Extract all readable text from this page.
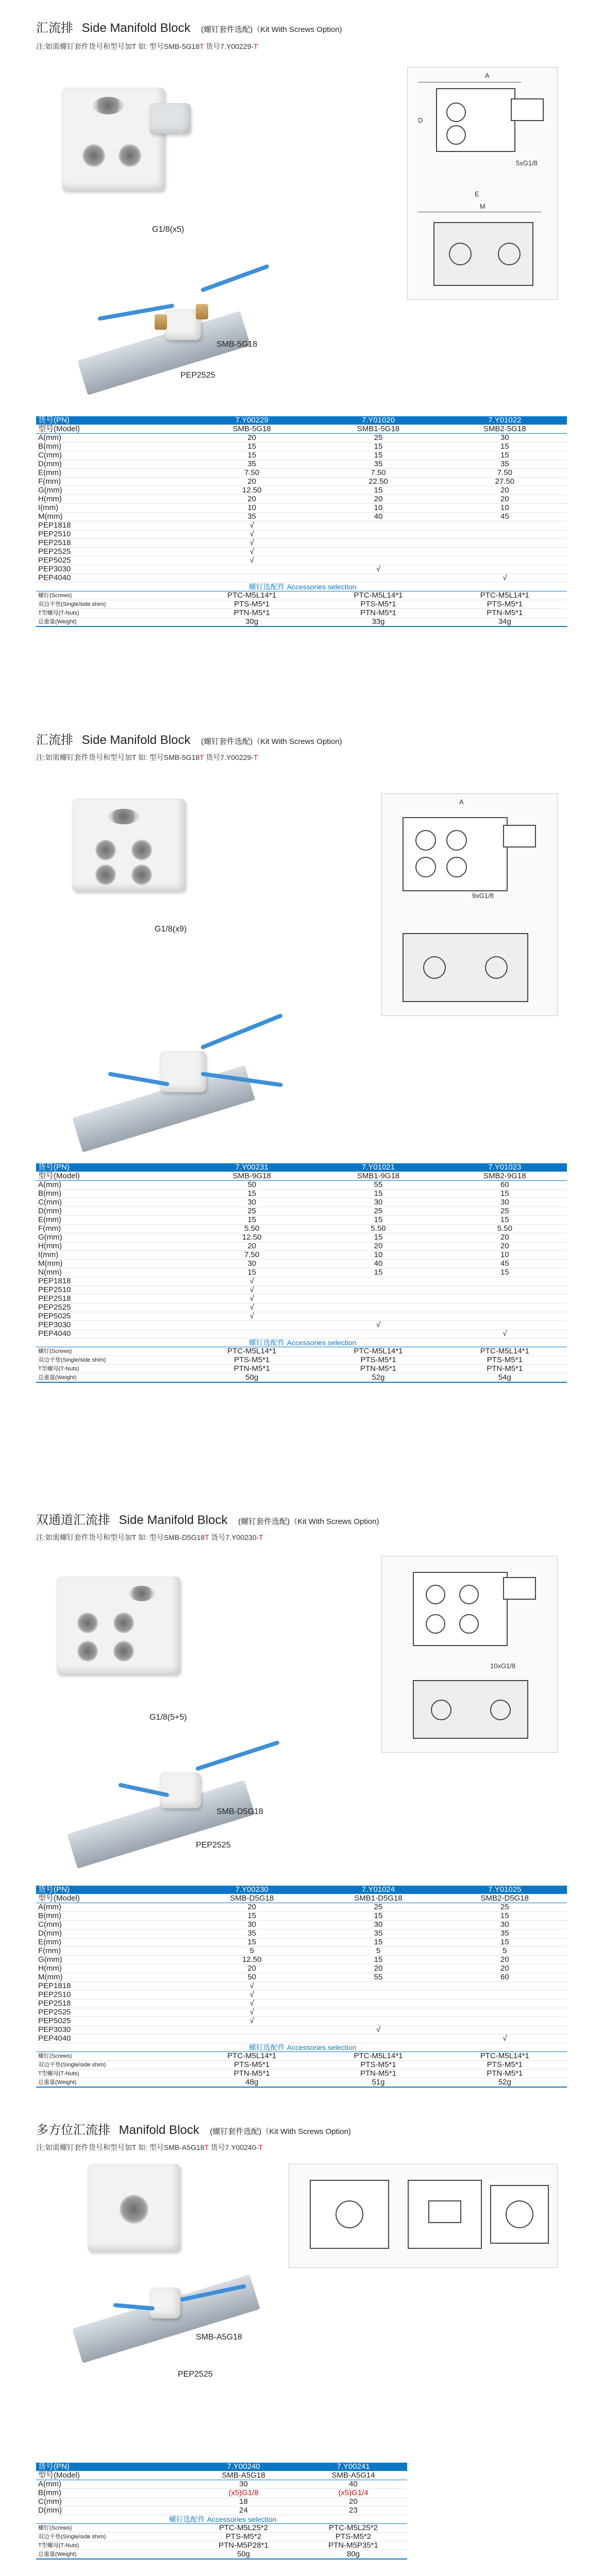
汇流排 Side Manifold Block (螺钉套件选配)（Kit With Screws Option)
注:如需螺钉套件货号和型号加T 如: 型号SMB-5G18T 货号7.Y00229-T
G1/8(x5)
A
D
5xG1/8
E
M
SMB-5G18
PEP2525
货号(PN)	7.Y00229	7.Y01020	7.Y01022
型号(Model)	SMB-5G18	SMB1-5G18	SMB2-5G18
A(mm)	20	25	30
B(mm)	15	15	15
C(mm)	15	15	15
D(mm)	35	35	35
E(mm)	7.50	7.50	7.50
F(mm)	20	22.50	27.50
G(mm)	12.50	15	20
H(mm)	20	20	20
I(mm)	10	10	10
M(mm)	35	40	45
PEP1818	√		
PEP2510	√		
PEP2518	√		
PEP2525	√		
PEP5025	√		
PEP3030		√	
PEP4040			√
螺钉选配件 Accessories selection			
螺钉(Screws)	PTC-M5L14*1	PTC-M5L14*1	PTC-M5L14*1
双边平垫(Single/side shim)	PTS-M5*1	PTS-M5*1	PTS-M5*1
T型螺母(T-Nuts)	PTN-M5*1	PTN-M5*1	PTN-M5*1
总重量(Weight)	30g	33g	34g
汇流排 Side Manifold Block (螺钉套件选配)（Kit With Screws Option)
注:如需螺钉套件货号和型号加T 如: 型号SMB-5G18T 货号7.Y00229-T
G1/8(x9)
A
9xG1/8
货号(PN)	7.Y00231	7.Y01021	7.Y01023
型号(Model)	SMB-9G18	SMB1-9G18	SMB2-9G18
A(mm)	50	55	60
B(mm)	15	15	15
C(mm)	30	30	30
D(mm)	25	25	25
E(mm)	15	15	15
F(mm)	5.50	5.50	5.50
G(mm)	12.50	15	20
H(mm)	20	20	20
I(mm)	7.50	10	10
M(mm)	30	40	45
N(mm)	15	15	15
PEP1818	√		
PEP2510	√		
PEP2518	√		
PEP2525	√		
PEP5025	√		
PEP3030		√	
PEP4040			√
螺钉选配件 Accessories selection			
螺钉(Screws)	PTC-M5L14*1	PTC-M5L14*1	PTC-M5L14*1
双边平垫(Single/side shim)	PTS-M5*1	PTS-M5*1	PTS-M5*1
T型螺母(T-Nuts)	PTN-M5*1	PTN-M5*1	PTN-M5*1
总重量(Weight)	50g	52g	54g
双通道汇流排 Side Manifold Block (螺钉套件选配)（Kit With Screws Option)
注:如需螺钉套件货号和型号加T 如: 型号SMB-D5G18T 货号7.Y00230-T
G1/8(5+5)
10xG1/8
SMB-D5G18
PEP2525
货号(PN)	7.Y00230	7.Y01024	7.Y01025
型号(Model)	SMB-D5G18	SMB1-D5G18	SMB2-D5G18
A(mm)	20	25	25
B(mm)	15	15	15
C(mm)	30	30	30
D(mm)	35	35	35
E(mm)	15	15	15
F(mm)	5	5	5
G(mm)	12.50	15	20
H(mm)	20	20	20
M(mm)	50	55	60
PEP1818	√		
PEP2510	√		
PEP2518	√		
PEP2525	√		
PEP5025	√		
PEP3030		√	
PEP4040			√
螺钉选配件 Accessories selection			
螺钉(Screws)	PTC-M5L14*1	PTC-M5L14*1	PTC-M5L14*1
双边平垫(Single/side shim)	PTS-M5*1	PTS-M5*1	PTS-M5*1
T型螺母(T-Nuts)	PTN-M5*1	PTN-M5*1	PTN-M5*1
总重量(Weight)	48g	51g	52g
多方位汇流排 Manifold Block (螺钉套件选配)（Kit With Screws Option)
注:如需螺钉套件货号和型号加T 如: 型号SMB-A5G18T 货号7.Y00240-T
SMB-A5G18
PEP2525
货号(PN)	7.Y00240	7.Y00241
型号(Model)	SMB-A5G18	SMB-A5G14
A(mm)	30	40
B(mm)	(x5)G1/8	(x5)G1/4
C(mm)	18	20
D(mm)	24	23
螺钉选配件 Accessories selection		
螺钉(Screws)	PTC-M5L25*2	PTC-M5L25*2
双边平垫(Single/side shim)	PTS-M5*2	PTS-M5*2
T型螺母(T-Nuts)	PTN-M5P28*1	PTN-M5P35*1
总重量(Weight)	50g	80g
